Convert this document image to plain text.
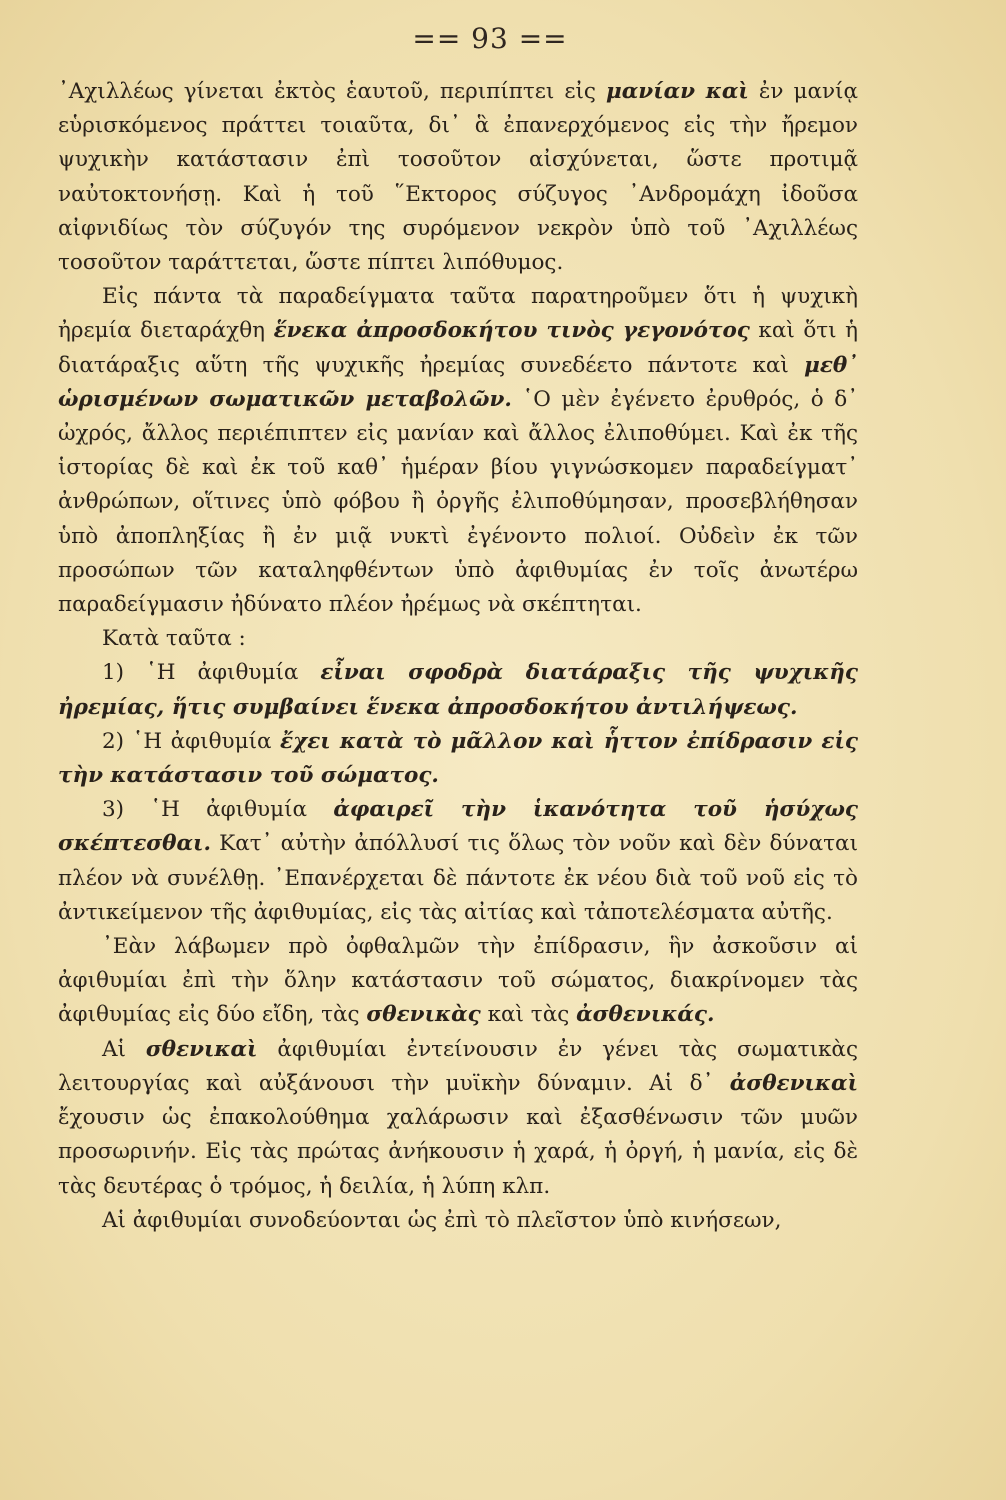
== 93 ==

᾿Αχιλλέως γίνεται ἐκτὸς ἑαυτοῦ, περιπίπτει εἰς μανίαν καὶ ἐν μανίᾳ εὑρισκόμενος πράττει τοιαῦτα, δι᾿ ἃ ἐπανερχόμενος εἰς τὴν ἤρεμον ψυχικὴν κατάστασιν ἐπὶ τοσοῦτον αἰσχύνεται, ὥστε προτιμᾷ ναὐτοκτονήσῃ. Καὶ ἡ τοῦ ῞Εκτορος σύζυγος ᾿Ανδρομάχη ἰδοῦσα αἰφνιδίως τὸν σύζυγόν της συρόμενον νεκρὸν ὑπὸ τοῦ ᾿Αχιλλέως τοσοῦτον ταράττεται, ὥστε πίπτει λιπόθυμος.

Εἰς πάντα τὰ παραδείγματα ταῦτα παρατηροῦμεν ὅτι ἡ ψυχικὴ ἠρεμία διεταράχθη ἕνεκα ἀπροσδοκήτου τινὸς γεγονότος καὶ ὅτι ἡ διατάραξις αὕτη τῆς ψυχικῆς ἠρεμίας συνεδέετο πάντοτε καὶ μεθ᾿ ὡρισμένων σωματικῶν μεταβολῶν. ῾Ο μὲν ἐγένετο ἐρυθρός, ὁ δ᾿ ὠχρός, ἄλλος περιέπιπτεν εἰς μανίαν καὶ ἄλλος ἐλιποθύμει. Καὶ ἐκ τῆς ἱστορίας δὲ καὶ ἐκ τοῦ καθ᾿ ἡμέραν βίου γιγνώσκομεν παραδείγματ᾿ ἀνθρώπων, οἵτινες ὑπὸ φόβου ἢ ὀργῆς ἐλιποθύμησαν, προσεβλήθησαν ὑπὸ ἀποπληξίας ἢ ἐν μιᾷ νυκτὶ ἐγένοντο πολιοί. Οὐδεὶν ἐκ τῶν προσώπων τῶν καταληφθέντων ὑπὸ ἀφιθυμίας ἐν τοῖς ἀνωτέρω παραδείγμασιν ἠδύνατο πλέον ἠρέμως νὰ σκέπτηται.

Κατὰ ταῦτα :

1) ῾Η ἀφιθυμία εἶναι σφοδρὰ διατάραξις τῆς ψυχικῆς ἠρεμίας, ἥτις συμβαίνει ἕνεκα ἀπροσδοκήτου ἀντιλήψεως.

2) ῾Η ἀφιθυμία ἔχει κατὰ τὸ μᾶλλον καὶ ἧττον ἐπίδρασιν εἰς τὴν κατάστασιν τοῦ σώματος.

3) ῾Η ἀφιθυμία ἀφαιρεῖ τὴν ἱκανότητα τοῦ ἡσύχως σκέπτεσθαι. Κατ᾿ αὐτὴν ἀπόλλυσί τις ὅλως τὸν νοῦν καὶ δὲν δύναται πλέον νὰ συνέλθῃ. ᾿Επανέρχεται δὲ πάντοτε ἐκ νέου διὰ τοῦ νοῦ εἰς τὸ ἀντικείμενον τῆς ἀφιθυμίας, εἰς τὰς αἰτίας καὶ τἀποτελέσματα αὐτῆς.

᾿Εὰν λάβωμεν πρὸ ὀφθαλμῶν τὴν ἐπίδρασιν, ἣν ἀσκοῦσιν αἱ ἀφιθυμίαι ἐπὶ τὴν ὅλην κατάστασιν τοῦ σώματος, διακρίνομεν τὰς ἀφιθυμίας εἰς δύο εἴδη, τὰς σθενικὰς καὶ τὰς ἀσθενικάς.

Αἱ σθενικαὶ ἀφιθυμίαι ἐντείνουσιν ἐν γένει τὰς σωματικὰς λειτουργίας καὶ αὐξάνουσι τὴν μυϊκὴν δύναμιν. Αἱ δ᾿ ἀσθενικαὶ ἔχουσιν ὡς ἐπακολούθημα χαλάρωσιν καὶ ἐξασθένωσιν τῶν μυῶν προσωρινήν. Εἰς τὰς πρώτας ἀνήκουσιν ἡ χαρά, ἡ ὀργή, ἡ μανία, εἰς δὲ τὰς δευτέρας ὁ τρόμος, ἡ δειλία, ἡ λύπη κλπ.

Αἱ ἀφιθυμίαι συνοδεύονται ὡς ἐπὶ τὸ πλεῖστον ὑπὸ κινήσεων,
